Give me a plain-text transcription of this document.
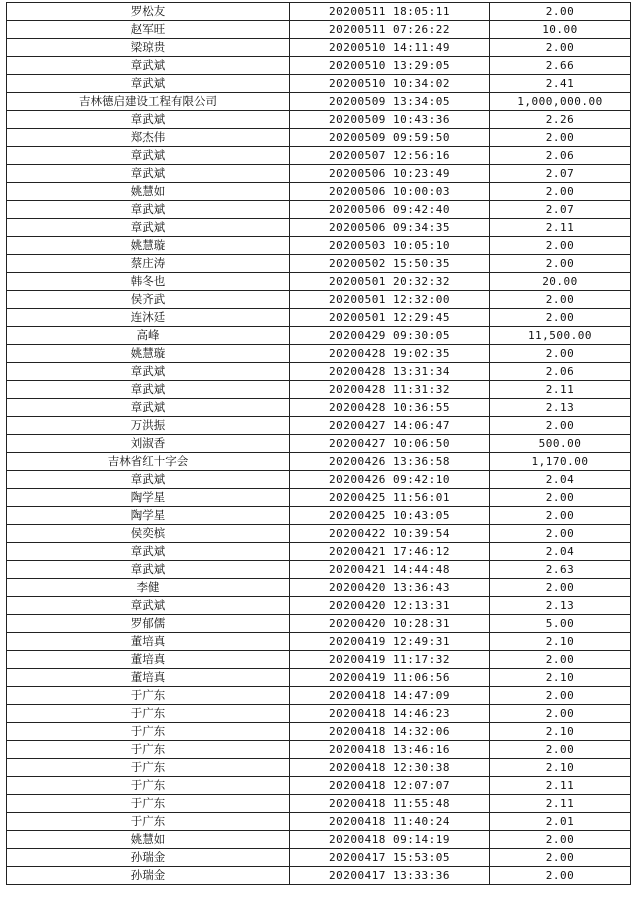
罗松友	20200511 18:05:11	2.00
赵军旺	20200511 07:26:22	10.00
梁琼贵	20200510 14:11:49	2.00
章武斌	20200510 13:29:05	2.66
章武斌	20200510 10:34:02	2.41
吉林德启建设工程有限公司	20200509 13:34:05	1,000,000.00
章武斌	20200509 10:43:36	2.26
郑杰伟	20200509 09:59:50	2.00
章武斌	20200507 12:56:16	2.06
章武斌	20200506 10:23:49	2.07
姚慧如	20200506 10:00:03	2.00
章武斌	20200506 09:42:40	2.07
章武斌	20200506 09:34:35	2.11
姚慧璇	20200503 10:05:10	2.00
蔡庄涛	20200502 15:50:35	2.00
韩冬也	20200501 20:32:32	20.00
侯齐武	20200501 12:32:00	2.00
连沐廷	20200501 12:29:45	2.00
高峰	20200429 09:30:05	11,500.00
姚慧璇	20200428 19:02:35	2.00
章武斌	20200428 13:31:34	2.06
章武斌	20200428 11:31:32	2.11
章武斌	20200428 10:36:55	2.13
万洪振	20200427 14:06:47	2.00
刘淑香	20200427 10:06:50	500.00
吉林省红十字会	20200426 13:36:58	1,170.00
章武斌	20200426 09:42:10	2.04
陶学星	20200425 11:56:01	2.00
陶学星	20200425 10:43:05	2.00
侯奕槟	20200422 10:39:54	2.00
章武斌	20200421 17:46:12	2.04
章武斌	20200421 14:44:48	2.63
李健	20200420 13:36:43	2.00
章武斌	20200420 12:13:31	2.13
罗郁儒	20200420 10:28:31	5.00
董培真	20200419 12:49:31	2.10
董培真	20200419 11:17:32	2.00
董培真	20200419 11:06:56	2.10
于广东	20200418 14:47:09	2.00
于广东	20200418 14:46:23	2.00
于广东	20200418 14:32:06	2.10
于广东	20200418 13:46:16	2.00
于广东	20200418 12:30:38	2.10
于广东	20200418 12:07:07	2.11
于广东	20200418 11:55:48	2.11
于广东	20200418 11:40:24	2.01
姚慧如	20200418 09:14:19	2.00
孙瑞金	20200417 15:53:05	2.00
孙瑞金	20200417 13:33:36	2.00
